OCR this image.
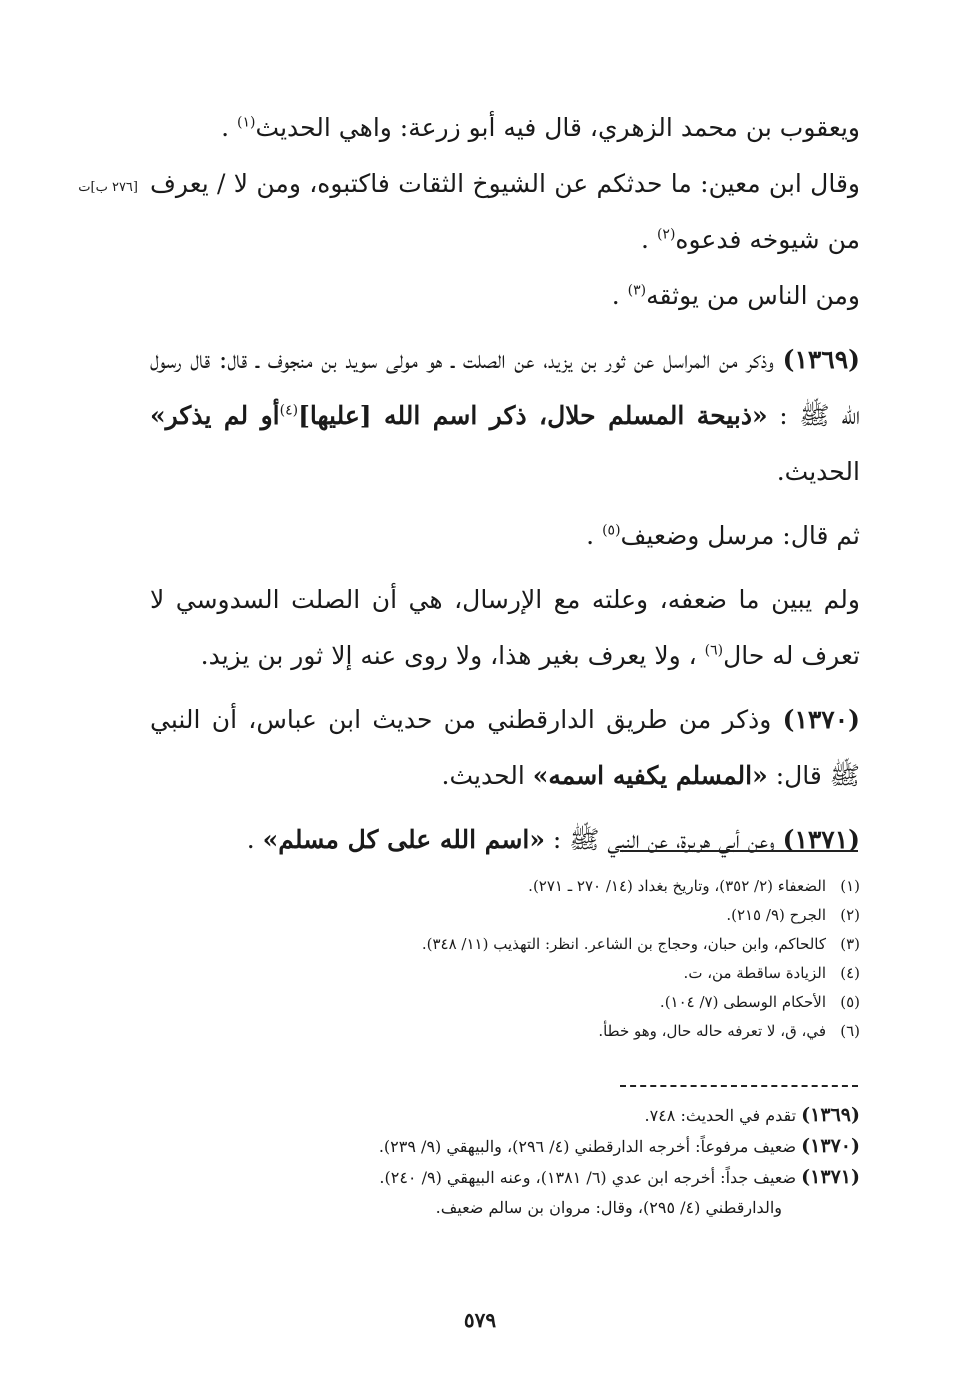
[٢٧٦ ب]ت

ويعقوب بن محمد الزهري، قال فيه أبو زرعة: واهي الحديث$^{(١)}$ .

وقال ابن معين: ما حدثكم عن الشيوخ الثقات فاكتبوه، ومن لا / يعرف من شيوخه فدعوه$^{(٢)}$ .

ومن الناس من يوثقه$^{(٣)}$ .

(١٣٦٩) وذكر من المراسل عن ثور بن يزيد، عن الصلت ـ هو مولى سويد بن منجوف ـ قال: قال رسول الله ﷺ : «ذبيحة المسلم حلال، ذكر اسم الله [عليها]$^{(٤)}$أو لم يذكر» الحديث.

ثم قال: مرسل وضعيف$^{(٥)}$ .

ولم يبين ما ضعفه، وعلته مع الإرسال، هي أن الصلت السدوسي لا تعرف له حال$^{(٦)}$ ، ولا يعرف بغير هذا، ولا روى عنه إلا ثور بن يزيد.

(١٣٧٠) وذكر من طريق الدارقطني من حديث ابن عباس، أن النبي ﷺ قال: «المسلم يكفيه اسمه» الحديث.

(١٣٧١) وعن أبي هريرة، عن النبي ﷺ : «اسم الله على كل مسلم» .

(١)الضعفاء (٢/ ٣٥٢)، وتاريخ بغداد (١٤/ ٢٧٠ ـ ٢٧١).
(٢)الجرح (٩/ ٢١٥).
(٣)كالحاكم، وابن حبان، وحجاج بن الشاعر. انظر: التهذيب (١١/ ٣٤٨).
(٤)الزيادة ساقطة من، ت.
(٥)الأحكام الوسطى (٧/ ١٠٤).
(٦)في، ق، لا تعرفه حاله حال، وهو خطأ.
(١٣٦٩) تقدم في الحديث: ٧٤٨.
(١٣٧٠) ضعيف مرفوعاً: أخرجه الدارقطني (٤/ ٢٩٦)، والبيهقي (٩/ ٢٣٩).
(١٣٧١) ضعيف جداً: أخرجه ابن عدي (٦/ ١٣٨١)، وعنه البيهقي (٩/ ٢٤٠).
والدارقطني (٤/ ٢٩٥)، وقال: مروان بن سالم ضعيف.
٥٧٩
